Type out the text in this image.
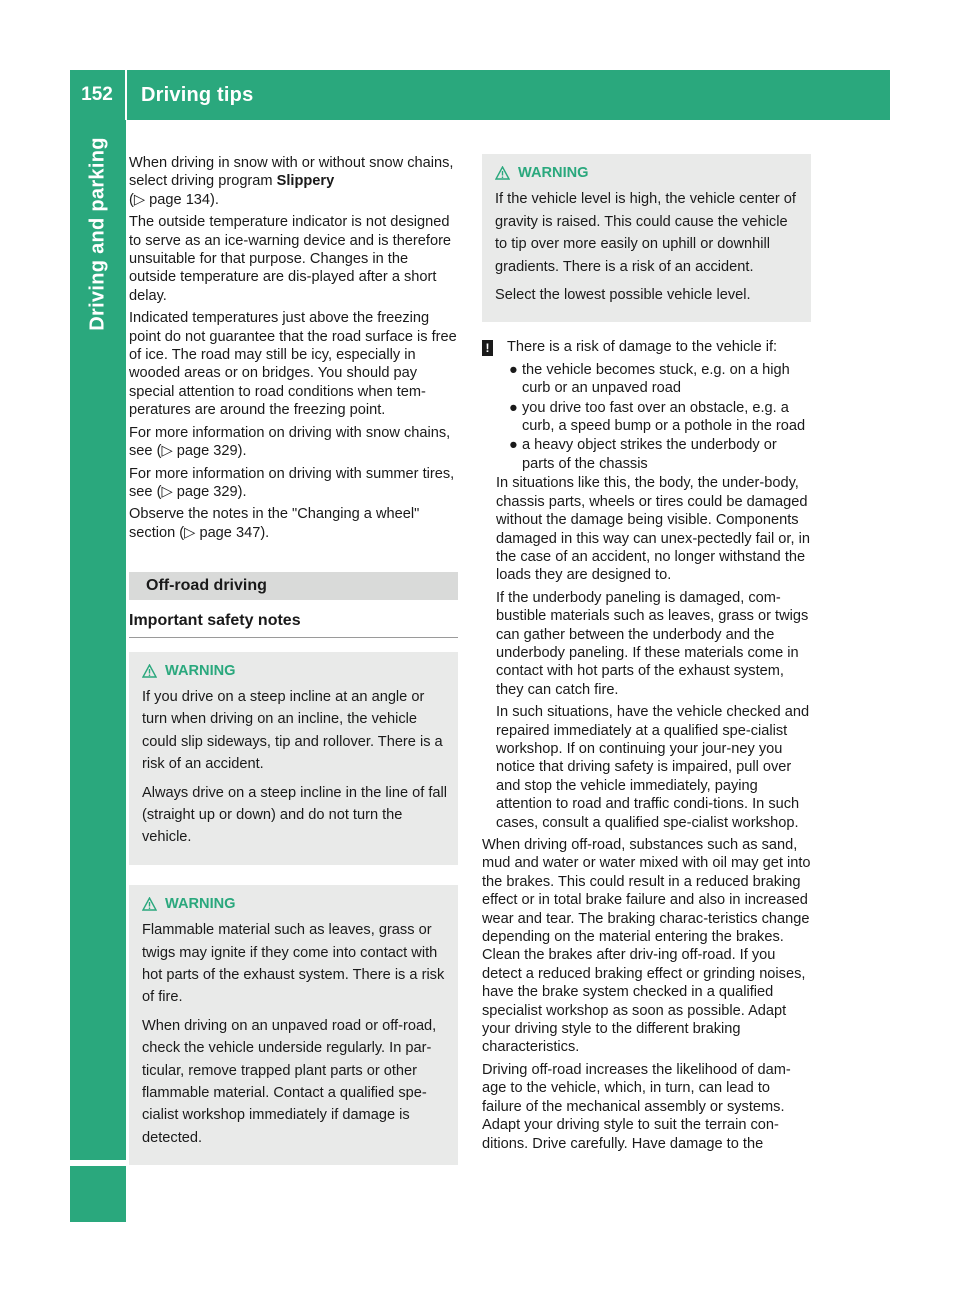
152	Driving tips
Driving and parking When driving in snow with or without snow chains, select driving program Slippery
(▷ page 134).

The outside temperature indicator is not designed to serve as an ice-warning device and is therefore unsuitable for that purpose. Changes in the outside temperature are dis-played after a short delay.

Indicated temperatures just above the freezing point do not guarantee that the road surface is free of ice. The road may still be icy, especially in wooded areas or on bridges. You should pay special attention to road conditions when tem-peratures are around the freezing point.

For more information on driving with snow chains, see (▷ page 329).

For more information on driving with summer tires, see (▷ page 329).

Observe the notes in the "Changing a wheel" section (▷ page 347).

Off-road driving
Important safety notes
WARNING

If you drive on a steep incline at an angle or turn when driving on an incline, the vehicle could slip sideways, tip and rollover. There is a risk of an accident.

Always drive on a steep incline in the line of fall (straight up or down) and do not turn the vehicle.

WARNING

Flammable material such as leaves, grass or twigs may ignite if they come into contact with hot parts of the exhaust system. There is a risk of fire.

When driving on an unpaved road or off-road, check the vehicle underside regularly. In par-ticular, remove trapped plant parts or other flammable material. Contact a qualified spe-cialist workshop immediately if damage is detected.

WARNING

If the vehicle level is high, the vehicle center of gravity is raised. This could cause the vehicle to tip over more easily on uphill or downhill gradients. There is a risk of an accident.

Select the lowest possible vehicle level.

! There is a risk of damage to the vehicle if:

● the vehicle becomes stuck, e.g. on a high curb or an unpaved road
● you drive too fast over an obstacle, e.g. a curb, a speed bump or a pothole in the road
● a heavy object strikes the underbody or parts of the chassis

In situations like this, the body, the under-body, chassis parts, wheels or tires could be damaged without the damage being visible. Components damaged in this way can unex-pectedly fail or, in the case of an accident, no longer withstand the loads they are designed to.

If the underbody paneling is damaged, com-bustible materials such as leaves, grass or twigs can gather between the underbody and the underbody paneling. If these materials come in contact with hot parts of the exhaust system, they can catch fire.

In such situations, have the vehicle checked and repaired immediately at a qualified spe-cialist workshop. If on continuing your jour-ney you notice that driving safety is impaired, pull over and stop the vehicle immediately, paying attention to road and traffic condi-tions. In such cases, consult a qualified spe-cialist workshop.

When driving off-road, substances such as sand, mud and water or water mixed with oil may get into the brakes. This could result in a reduced braking effect or in total brake failure and also in increased wear and tear. The braking charac-teristics change depending on the material entering the brakes. Clean the brakes after driv-ing off-road. If you detect a reduced braking effect or grinding noises, have the brake system checked in a qualified specialist workshop as soon as possible. Adapt your driving style to the different braking characteristics.

Driving off-road increases the likelihood of dam-age to the vehicle, which, in turn, can lead to failure of the mechanical assembly or systems. Adapt your driving style to suit the terrain con-ditions. Drive carefully. Have damage to the
